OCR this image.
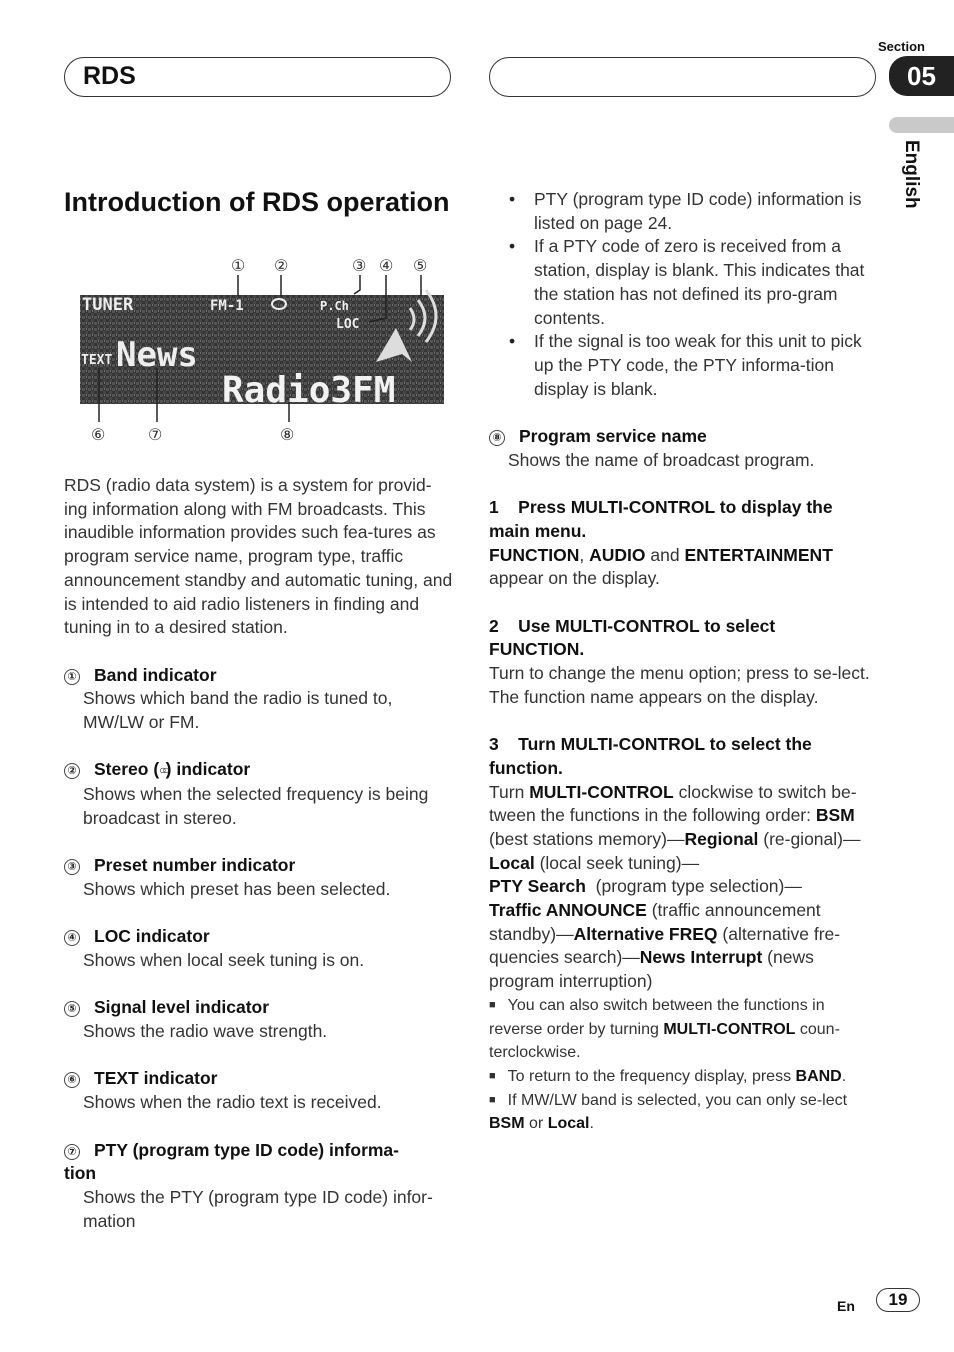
RDS
Section
05
English
Introduction of RDS operation
TUNER	FM-1	P.Ch
LOC
TEXT News
Radio3FM
① ②	③ ④ ⑤
⑥	⑦	⑧

RDS (radio data system) is a system for provid-ing information along with FM broadcasts. This inaudible information provides such fea-tures as program service name, program type, traffic announcement standby and automatic tuning, and is intended to aid radio listeners in finding and tuning in to a desired station.

① Band indicator
Shows which band the radio is tuned to, MW/LW or FM.
② Stereo (○○) indicator
Shows when the selected frequency is being broadcast in stereo.
③ Preset number indicator
Shows which preset has been selected.
④ LOC indicator
Shows when local seek tuning is on.
⑤ Signal level indicator
Shows the radio wave strength.
⑥ TEXT indicator
Shows when the radio text is received.
⑦ PTY (program type ID code) informa-
tion
Shows the PTY (program type ID code) infor-mation
• PTY (program type ID code) information is listed on page 24.
• If a PTY code of zero is received from a station, display is blank. This indicates that the station has not defined its pro-gram contents.
• If the signal is too weak for this unit to pick up the PTY code, the PTY informa-tion display is blank.
⑧ Program service name
Shows the name of broadcast program.
1    Press MULTI-CONTROL to display the main menu.
FUNCTION, AUDIO and ENTERTAINMENT
appear on the display.
2    Use MULTI-CONTROL to select FUNCTION.
Turn to change the menu option; press to se-lect.
The function name appears on the display.
3    Turn MULTI-CONTROL to select the function.
Turn MULTI-CONTROL clockwise to switch be-tween the functions in the following order: BSM (best stations memory)—Regional (re-gional)—Local (local seek tuning)—
PTY Search  (program type selection)—
Traffic ANNOUNCE (traffic announcement standby)—Alternative FREQ (alternative fre-quencies search)—News Interrupt (news program interruption)
■ You can also switch between the functions in reverse order by turning MULTI-CONTROL coun-terclockwise.
■ To return to the frequency display, press BAND.
■ If MW/LW band is selected, you can only se-lect BSM or Local.
En	19
